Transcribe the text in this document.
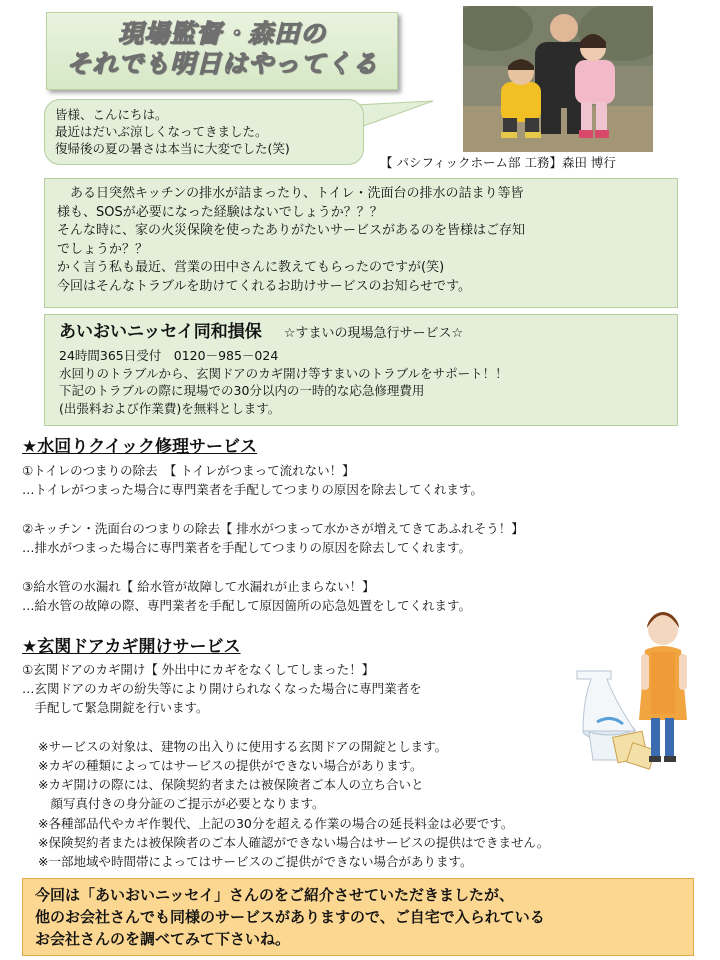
現場監督・森田の
それでも明日はやってくる
皆様、こんにちは。
最近はだいぶ涼しくなってきました。
復帰後の夏の暑さは本当に大変でした(笑)
【 パシフィックホーム部 工務】森田 博行
　ある日突然キッチンの排水が詰まったり、トイレ・洗面台の排水の詰まり等皆
様も、SOSが必要になった経験はないでしょうか？？？
そんな時に、家の火災保険を使ったありがたいサービスがあるのを皆様はご存知
でしょうか？？
かく言う私も最近、営業の田中さんに教えてもらったのですが(笑)
今回はそんなトラブルを助けてくれるお助けサービスのお知らせです。
あいおいニッセイ同和損保 ☆すまいの現場急行サービス☆
24時間365日受付　0120－985－024
水回りのトラブルから、玄関ドアのカギ開け等すまいのトラブルをサポート！！
下記のトラブルの際に現場での30分以内の一時的な応急修理費用
(出張料および作業費)を無料とします。
★水回りクイック修理サービス
①トイレのつまりの除去　【 トイレがつまって流れない！】
…トイレがつまった場合に専門業者を手配してつまりの原因を除去してくれます。
②キッチン・洗面台のつまりの除去【 排水がつまって水かさが増えてきてあふれそう！】
…排水がつまった場合に専門業者を手配してつまりの原因を除去してくれます。
③給水管の水漏れ【 給水管が故障して水漏れが止まらない！】
…給水管の故障の際、専門業者を手配して原因箇所の応急処置をしてくれます。
★玄関ドアカギ開けサービス
①玄関ドアのカギ開け【 外出中にカギをなくしてしまった！】
…玄関ドアのカギの紛失等により開けられなくなった場合に専門業者を
　手配して緊急開錠を行います。
※サービスの対象は、建物の出入りに使用する玄関ドアの開錠とします。
※カギの種類によってはサービスの提供ができない場合があります。
※カギ開けの際には、保険契約者または被保険者ご本人の立ち合いと
　顔写真付きの身分証のご提示が必要となります。
※各種部品代やカギ作製代、上記の30分を超える作業の場合の延長料金は必要です。
※保険契約者または被保険者のご本人確認ができない場合はサービスの提供はできません。
※一部地域や時間帯によってはサービスのご提供ができない場合があります。
今回は「あいおいニッセイ」さんのをご紹介させていただきましたが、
他のお会社さんでも同様のサービスがありますので、ご自宅で入られている
お会社さんのを調べてみて下さいね。
